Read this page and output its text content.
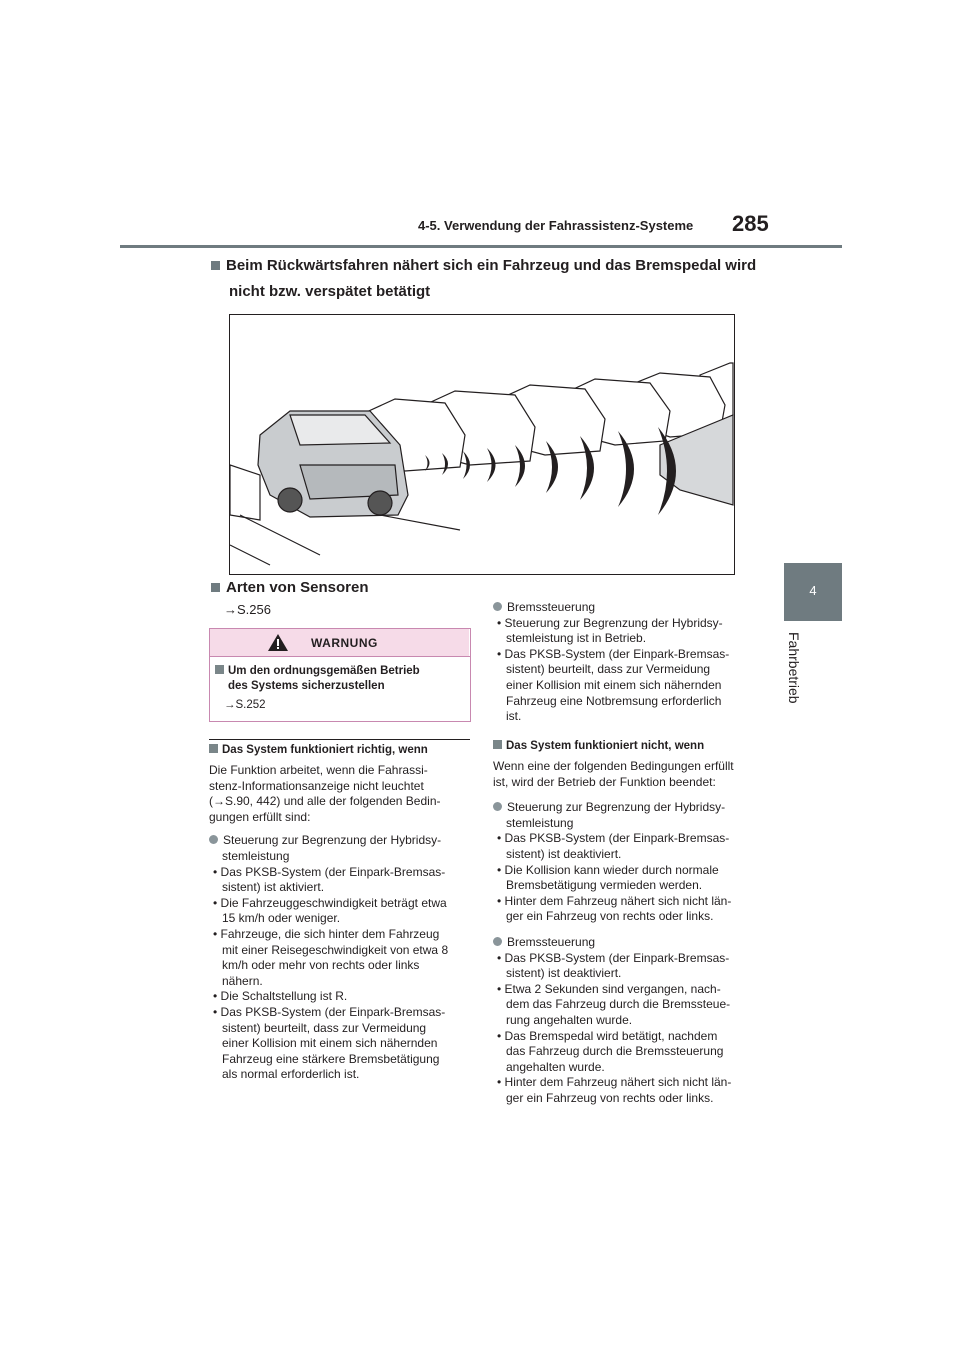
4-5. Verwendung der Fahrassistenz-Systeme 285
4
Fahrbetrieb
Beim Rückwärtsfahren nähert sich ein Fahrzeug und das Bremspedal wird
nicht bzw. verspätet betätigt
Arten von Sensoren
→S.256
WARNUNG
Um den ordnungsgemäßen Betrieb
des Systems sicherzustellen
→S.252
Das System funktioniert richtig, wenn
Die Funktion arbeitet, wenn die Fahrassi-
stenz-Informationsanzeige nicht leuchtet
(→S.90, 442) und alle der folgenden Bedin-
gungen erfüllt sind:
Steuerung zur Begrenzung der Hybridsy-
stemleistung
• Das PKSB-System (der Einpark-Bremsas-
sistent) ist aktiviert.
• Die Fahrzeuggeschwindigkeit beträgt etwa
15 km/h oder weniger.
• Fahrzeuge, die sich hinter dem Fahrzeug
mit einer Reisegeschwindigkeit von etwa 8
km/h oder mehr von rechts oder links
nähern.
• Die Schaltstellung ist R.
• Das PKSB-System (der Einpark-Bremsas-
sistent) beurteilt, dass zur Vermeidung
einer Kollision mit einem sich nähernden
Fahrzeug eine stärkere Bremsbetätigung
als normal erforderlich ist.
Bremssteuerung
• Steuerung zur Begrenzung der Hybridsy-
stemleistung ist in Betrieb.
• Das PKSB-System (der Einpark-Bremsas-
sistent) beurteilt, dass zur Vermeidung
einer Kollision mit einem sich nähernden
Fahrzeug eine Notbremsung erforderlich
ist.
Das System funktioniert nicht, wenn
Wenn eine der folgenden Bedingungen erfüllt
ist, wird der Betrieb der Funktion beendet:
Steuerung zur Begrenzung der Hybridsy-
stemleistung
• Das PKSB-System (der Einpark-Bremsas-
sistent) ist deaktiviert.
• Die Kollision kann wieder durch normale
Bremsbetätigung vermieden werden.
• Hinter dem Fahrzeug nähert sich nicht län-
ger ein Fahrzeug von rechts oder links.
Bremssteuerung
• Das PKSB-System (der Einpark-Bremsas-
sistent) ist deaktiviert.
• Etwa 2 Sekunden sind vergangen, nach-
dem das Fahrzeug durch die Bremssteue-
rung angehalten wurde.
• Das Bremspedal wird betätigt, nachdem
das Fahrzeug durch die Bremssteuerung
angehalten wurde.
• Hinter dem Fahrzeug nähert sich nicht län-
ger ein Fahrzeug von rechts oder links.
